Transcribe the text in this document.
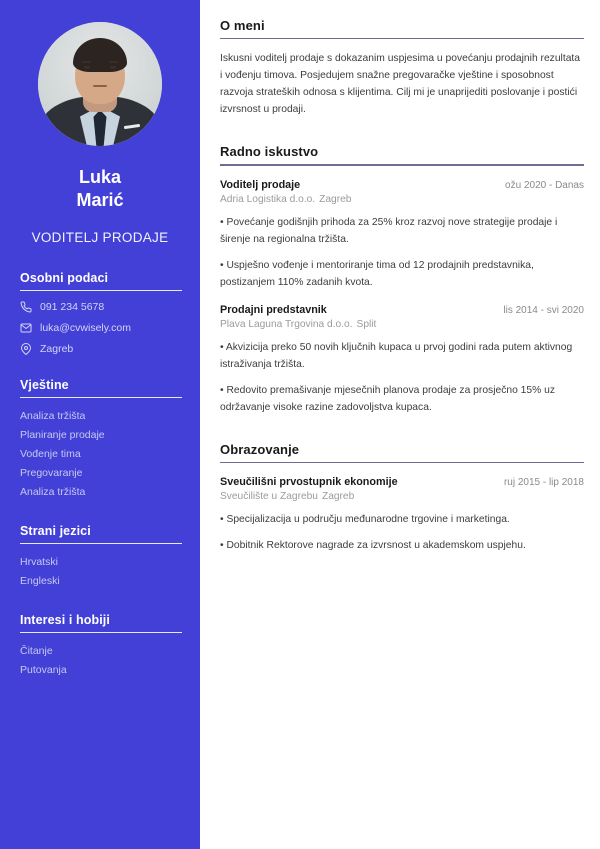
Luka
Marić
VODITELJ PRODAJE
Osobni podaci
091 234 5678
luka@cvwisely.com
Zagreb
Vještine
Analiza tržišta
Planiranje prodaje
Vođenje tima
Pregovaranje
Analiza tržišta
Strani jezici
Hrvatski
Engleski
Interesi i hobiji
Čitanje
Putovanja
O meni

Iskusni voditelj prodaje s dokazanim uspjesima u povećanju prodajnih rezultata i vođenju timova. Posjedujem snažne pregovaračke vještine i sposobnost razvoja strateških odnosa s klijentima. Cilj mi je unaprijediti poslovanje i postići izvrsnost u prodaji.

Radno iskustvo
Voditelj prodaje	ožu 2020 - Danas
Adria Logistika d.o.o. Zagreb

• Povećanje godišnjih prihoda za 25% kroz razvoj nove strategije prodaje i širenje na regionalna tržišta.

• Uspješno vođenje i mentoriranje tima od 12 prodajnih predstavnika, postizanjem 110% zadanih kvota.

Prodajni predstavnik	lis 2014 - svi 2020
Plava Laguna Trgovina d.o.o. Split

• Akvizicija preko 50 novih ključnih kupaca u prvoj godini rada putem aktivnog istraživanja tržišta.

• Redovito premašivanje mjesečnih planova prodaje za prosječno 15% uz održavanje visoke razine zadovoljstva kupaca.

Obrazovanje
Sveučilišni prvostupnik ekonomije	ruj 2015 - lip 2018
Sveučilište u Zagrebu Zagreb

• Specijalizacija u području međunarodne trgovine i marketinga.

• Dobitnik Rektorove nagrade za izvrsnost u akademskom uspjehu.
